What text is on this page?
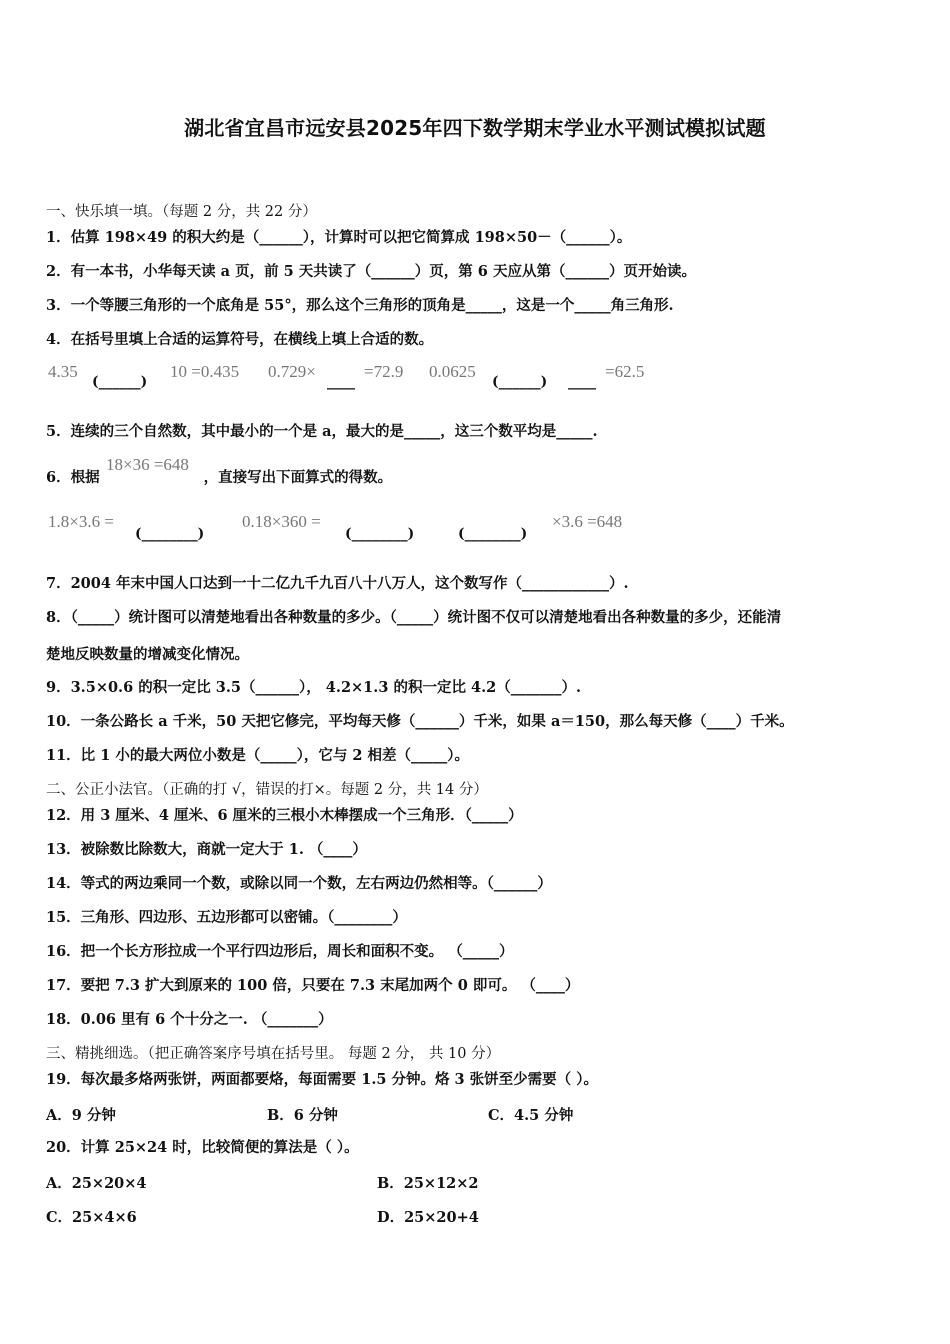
湖北省宜昌市远安县2025年四下数学期末学业水平测试模拟试题
一、快乐填一填。（每题 2 分，共 22 分）
1．估算 198×49 的积大约是（______），计算时可以把它简算成 198×50－（______）。
2．有一本书，小华每天读 a 页，前 5 天共读了（______）页，第 6 天应从第（______）页开始读。
3．一个等腰三角形的一个底角是 55°，那么这个三角形的顶角是_____，这是一个_____角三角形.
4．在括号里填上合适的运算符号，在横线上填上合适的数。
4.35
(______)
10 =0.435 0.729×
____
=72.9 0.0625
(______) ____
=62.5
5．连续的三个自然数，其中最小的一个是 a，最大的是_____，这三个数平均是_____.
6．根据	，直接写出下面算式的得数。
18×36 =648
1.8×3.6 =
(________)
0.18×360 =
(________)	(________)
×3.6 =648
7．2004 年末中国人口达到一十二亿九千九百八十八万人，这个数写作（____________）.
8．（_____）统计图可以清楚地看出各种数量的多少。（_____）统计图不仅可以清楚地看出各种数量的多少，还能清
楚地反映数量的增减变化情况。
9．3.5×0.6 的积一定比 3.5（______）， 4.2×1.3 的积一定比 4.2（_______）.
10．一条公路长 a 千米，50 天把它修完，平均每天修（______）千米，如果 a＝150，那么每天修（____）千米。
11．比 1 小的最大两位小数是（_____），它与 2 相差（_____）。
二、公正小法官。（正确的打 √，错误的打×。每题 2 分，共 14 分）
12．用 3 厘米、4 厘米、6 厘米的三根小木棒摆成一个三角形．（_____）
13．被除数比除数大，商就一定大于 1. （____）
14．等式的两边乘同一个数，或除以同一个数，左右两边仍然相等。（______）
15．三角形、四边形、五边形都可以密铺。（________）
16．把一个长方形拉成一个平行四边形后，周长和面积不变。 （_____）
17．要把 7.3 扩大到原来的 100 倍，只要在 7.3 末尾加两个 0 即可。 （____）
18．0.06 里有 6 个十分之一. （_______）
三、精挑细选。（把正确答案序号填在括号里。 每题 2 分， 共 10 分）
19．每次最多烙两张饼，两面都要烙，每面需要 1.5 分钟。烙 3 张饼至少需要（ ）。
A．9 分钟	B．6 分钟	C．4.5 分钟
20．计算 25×24 时，比较简便的算法是（ ）。
A．25×20×4	B．25×12×2
C．25×4×6	D．25×20+4
